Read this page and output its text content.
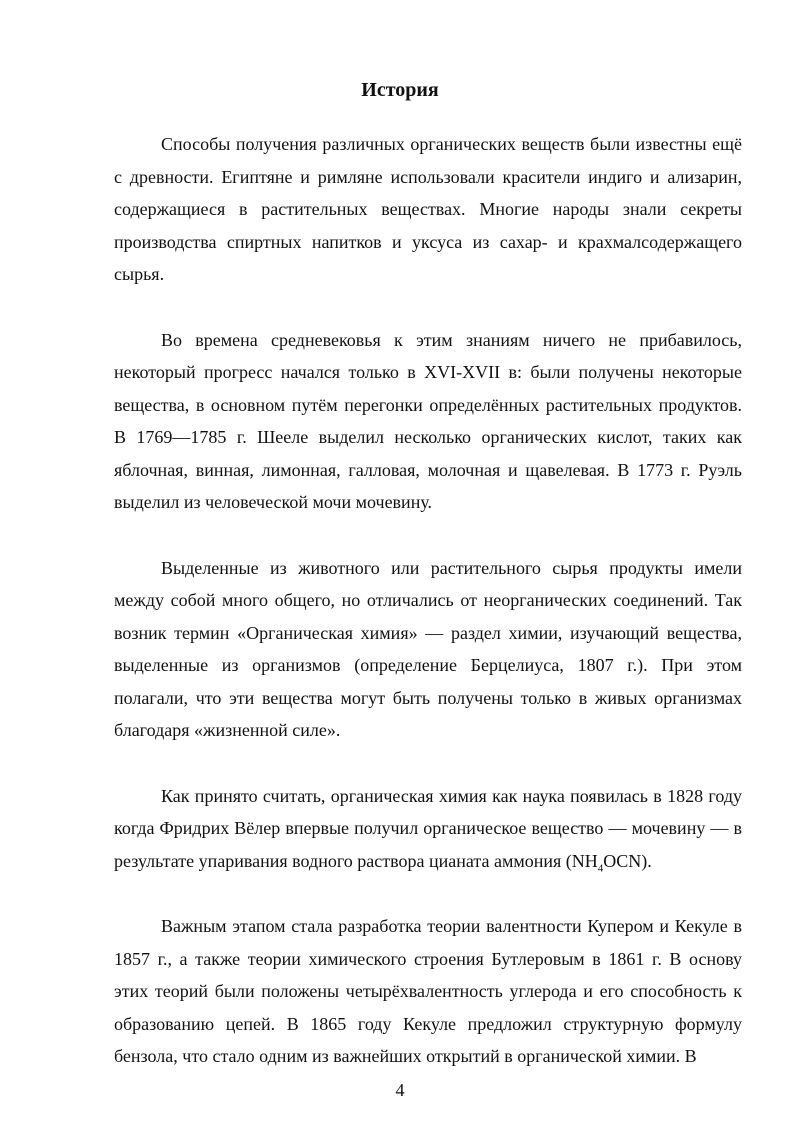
История

Способы получения различных органических веществ были известны ещё с древности. Египтяне и римляне использовали красители индиго и ализарин, содержащиеся в растительных веществах. Многие народы знали секреты производства спиртных напитков и уксуса из сахар- и крахмалсодержащего сырья.

Во времена средневековья к этим знаниям ничего не прибавилось, некоторый прогресс начался только в XVI-XVII в: были получены некоторые вещества, в основном путём перегонки определённых растительных продуктов. В 1769—1785 г. Шееле выделил несколько органических кислот, таких как яблочная, винная, лимонная, галловая, молочная и щавелевая. В 1773 г. Руэль выделил из человеческой мочи мочевину.

Выделенные из животного или растительного сырья продукты имели между собой много общего, но отличались от неорганических соединений. Так возник термин «Органическая химия» — раздел химии, изучающий вещества, выделенные из организмов (определение Берцелиуса, 1807 г.). При этом полагали, что эти вещества могут быть получены только в живых организмах благодаря «жизненной силе».

Как принято считать, органическая химия как наука появилась в 1828 году когда Фридрих Вёлер впервые получил органическое вещество — мочевину — в результате упаривания водного раствора цианата аммония $(NH_4OCN)$.

Важным этапом стала разработка теории валентности Купером и Кекуле в 1857 г., а также теории химического строения Бутлеровым в 1861 г. В основу этих теорий были положены четырёхвалентность углерода и его способность к образованию цепей. В 1865 году Кекуле предложил структурную формулу бензола, что стало одним из важнейших открытий в органической химии. В

4
